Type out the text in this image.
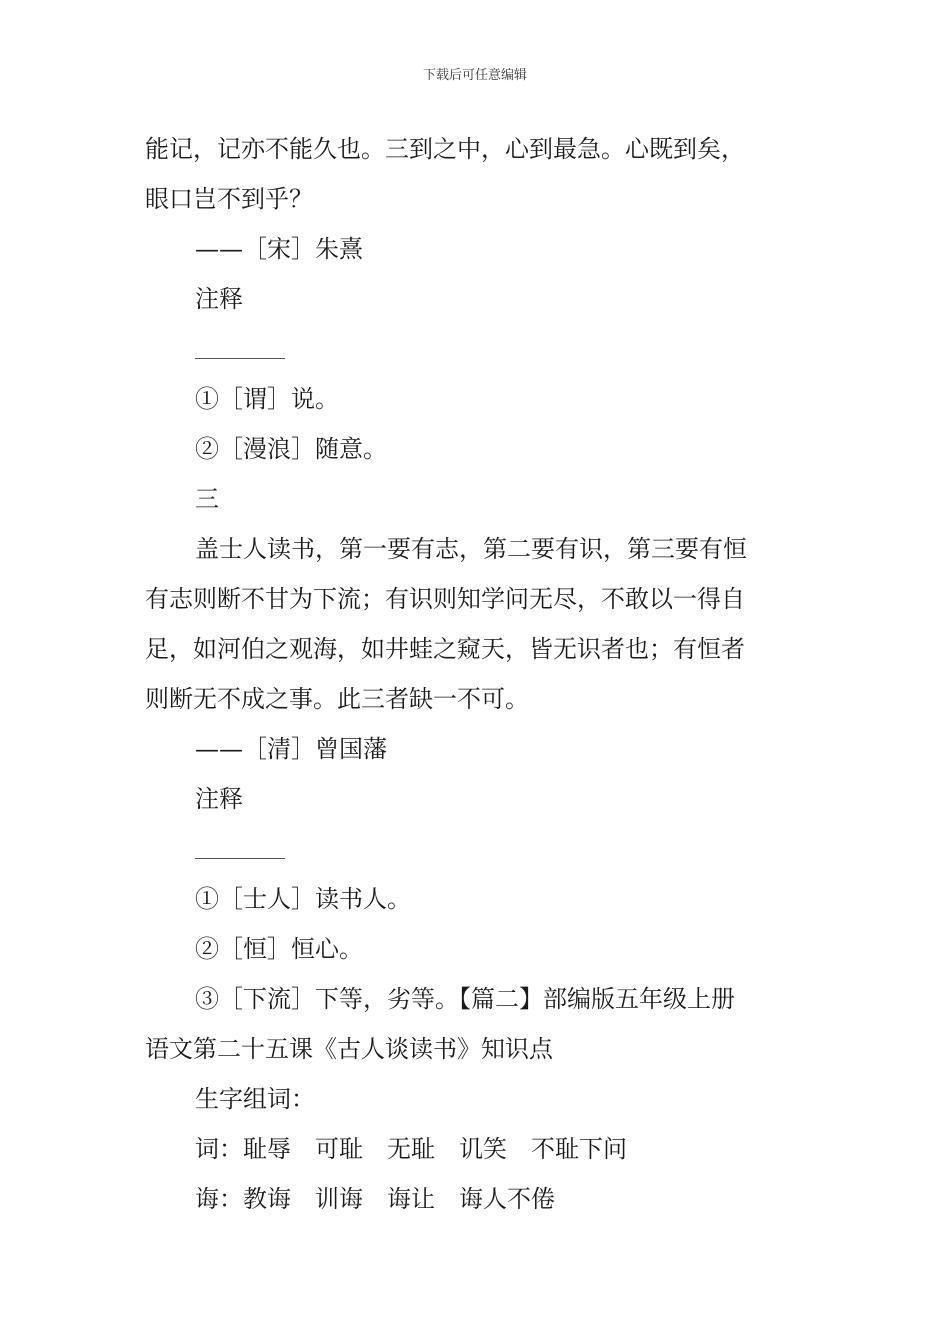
下载后可任意编辑
能记，记亦不能久也。三到之中，心到最急。心既到矣，
眼口岂不到乎？
——［宋］朱熹
注释
①［谓］说。
②［漫浪］随意。
三
盖士人读书，第一要有志，第二要有识，第三要有恒
有志则断不甘为下流；有识则知学问无尽，不敢以一得自
足，如河伯之观海，如井蛙之窥天，皆无识者也；有恒者
则断无不成之事。此三者缺一不可。
——［清］曾国藩
注释
①［士人］读书人。
②［恒］恒心。
③［下流］下等，劣等。【篇二】部编版五年级上册
语文第二十五课《古人谈读书》知识点
生字组词：
词：耻辱　可耻　无耻　讥笑　不耻下问
诲：教诲　训诲　诲让　诲人不倦
